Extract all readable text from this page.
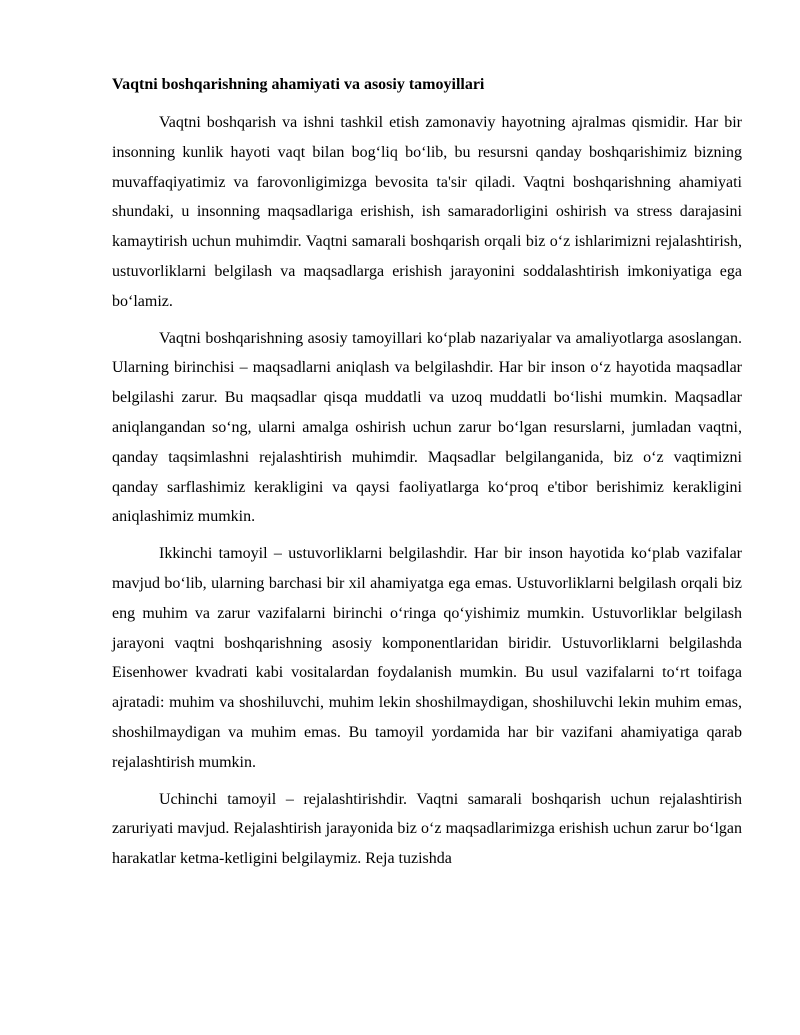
Vaqtni boshqarishning ahamiyati va asosiy tamoyillari

Vaqtni boshqarish va ishni tashkil etish zamonaviy hayotning ajralmas qismidir. Har bir insonning kunlik hayoti vaqt bilan bog‘liq bo‘lib, bu resursni qanday boshqarishimiz bizning muvaffaqiyatimiz va farovonligimizga bevosita ta'sir qiladi. Vaqtni boshqarishning ahamiyati shundaki, u insonning maqsadlariga erishish, ish samaradorligini oshirish va stress darajasini kamaytirish uchun muhimdir. Vaqtni samarali boshqarish orqali biz o‘z ishlarimizni rejalashtirish, ustuvorliklarni belgilash va maqsadlarga erishish jarayonini soddalashtirish imkoniyatiga ega bo‘lamiz.

Vaqtni boshqarishning asosiy tamoyillari ko‘plab nazariyalar va amaliyotlarga asoslangan. Ularning birinchisi – maqsadlarni aniqlash va belgilashdir. Har bir inson o‘z hayotida maqsadlar belgilashi zarur. Bu maqsadlar qisqa muddatli va uzoq muddatli bo‘lishi mumkin. Maqsadlar aniqlangandan so‘ng, ularni amalga oshirish uchun zarur bo‘lgan resurslarni, jumladan vaqtni, qanday taqsimlashni rejalashtirish muhimdir. Maqsadlar belgilanganida, biz o‘z vaqtimizni qanday sarflashimiz kerakligini va qaysi faoliyatlarga ko‘proq e'tibor berishimiz kerakligini aniqlashimiz mumkin.

Ikkinchi tamoyil – ustuvorliklarni belgilashdir. Har bir inson hayotida ko‘plab vazifalar mavjud bo‘lib, ularning barchasi bir xil ahamiyatga ega emas. Ustuvorliklarni belgilash orqali biz eng muhim va zarur vazifalarni birinchi o‘ringa qo‘yishimiz mumkin. Ustuvorliklar belgilash jarayoni vaqtni boshqarishning asosiy komponentlaridan biridir. Ustuvorliklarni belgilashda Eisenhower kvadrati kabi vositalardan foydalanish mumkin. Bu usul vazifalarni to‘rt toifaga ajratadi: muhim va shoshiluvchi, muhim lekin shoshilmaydigan, shoshiluvchi lekin muhim emas, shoshilmaydigan va muhim emas. Bu tamoyil yordamida har bir vazifani ahamiyatiga qarab rejalashtirish mumkin.

Uchinchi tamoyil – rejalashtirishdir. Vaqtni samarali boshqarish uchun rejalashtirish zaruriyati mavjud. Rejalashtirish jarayonida biz o‘z maqsadlarimizga erishish uchun zarur bo‘lgan harakatlar ketma-ketligini belgilaymiz. Reja tuzishda
